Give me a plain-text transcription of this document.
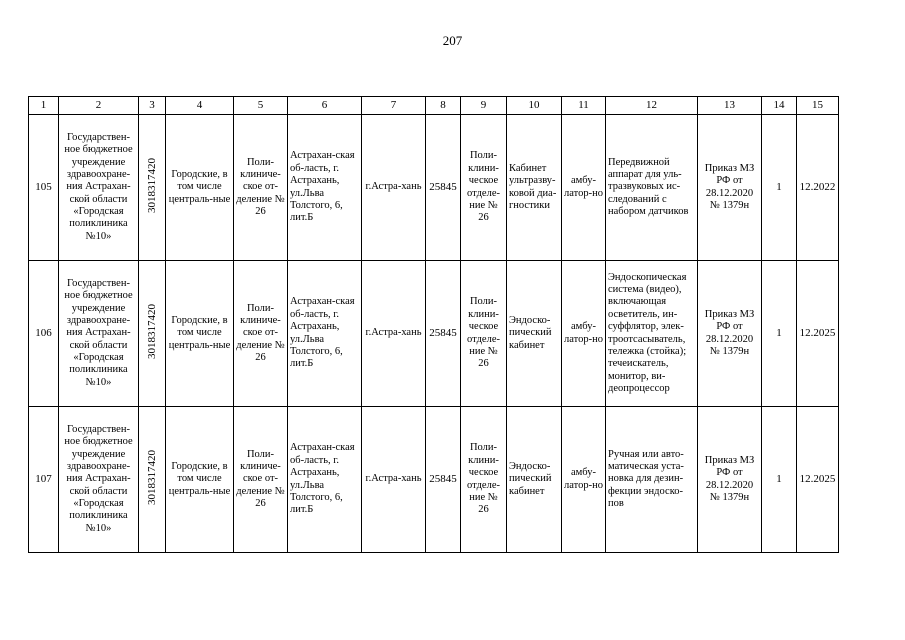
207
1	2	3	4	5	6	7	8	9	10	11	12	13	14	15
105	Государствен-ное бюджетное учреждение здравоохране-ния Астрахан-ской области «Городская поликлиника №10»	3018317420	Городские, в том числе централь-ные	Поли-клиниче-ское от-деление № 26	Астрахан-ская об-ласть, г. Астрахань, ул.Льва Толстого, 6, лит.Б	г.Астра-хань	25845	Поли-клини-ческое отделе-ние № 26	Кабинет ультразву-ковой диа-гностики	амбу-латор-но	Передвижной аппарат для уль-тразвуковых ис-следований с набором датчиков	Приказ МЗ РФ от 28.12.2020 № 1379н	1	12.2022
106	Государствен-ное бюджетное учреждение здравоохране-ния Астрахан-ской области «Городская поликлиника №10»	3018317420	Городские, в том числе централь-ные	Поли-клиниче-ское от-деление № 26	Астрахан-ская об-ласть, г. Астрахань, ул.Льва Толстого, 6, лит.Б	г.Астра-хань	25845	Поли-клини-ческое отделе-ние № 26	Эндоско-пический кабинет	амбу-латор-но	Эндоскопическая система (видео), включающая осветитель, ин-суффлятор, элек-троотсасыватель, тележка (стойка); течеискатель, монитор, ви-деопроцессор	Приказ МЗ РФ от 28.12.2020 № 1379н	1	12.2025
107	Государствен-ное бюджетное учреждение здравоохране-ния Астрахан-ской области «Городская поликлиника №10»	3018317420	Городские, в том числе централь-ные	Поли-клиниче-ское от-деление № 26	Астрахан-ская об-ласть, г. Астрахань, ул.Льва Толстого, 6, лит.Б	г.Астра-хань	25845	Поли-клини-ческое отделе-ние № 26	Эндоско-пический кабинет	амбу-латор-но	Ручная или авто-матическая уста-новка для дезин-фекции эндоско-пов	Приказ МЗ РФ от 28.12.2020 № 1379н	1	12.2025
